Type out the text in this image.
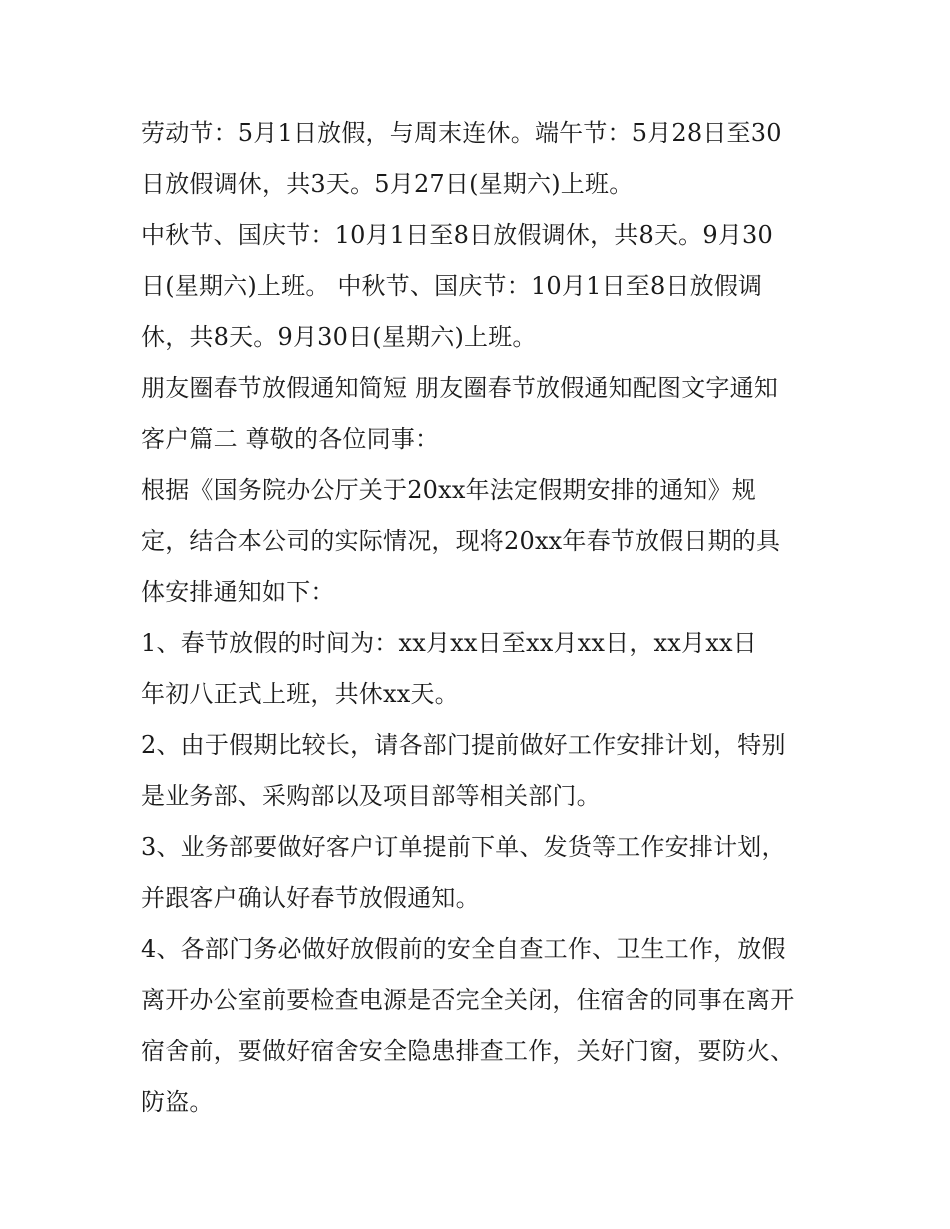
劳动节：5月1日放假，与周末连休。端午节：5月28日至30
日放假调休，共3天。5月27日(星期六)上班。
中秋节、国庆节：10月1日至8日放假调休，共8天。9月30
日(星期六)上班。 中秋节、国庆节：10月1日至8日放假调
休，共8天。9月30日(星期六)上班。
朋友圈春节放假通知简短 朋友圈春节放假通知配图文字通知
客户篇二 尊敬的各位同事：
根据《国务院办公厅关于20xx年法定假期安排的通知》规
定，结合本公司的实际情况，现将20xx年春节放假日期的具
体安排通知如下：
1、春节放假的时间为：xx月xx日至xx月xx日，xx月xx日
年初八正式上班，共休xx天。
2、由于假期比较长，请各部门提前做好工作安排计划，特别
是业务部、采购部以及项目部等相关部门。
3、业务部要做好客户订单提前下单、发货等工作安排计划，
并跟客户确认好春节放假通知。
4、各部门务必做好放假前的安全自查工作、卫生工作，放假
离开办公室前要检查电源是否完全关闭，住宿舍的同事在离开
宿舍前，要做好宿舍安全隐患排查工作，关好门窗，要防火、
防盗。
